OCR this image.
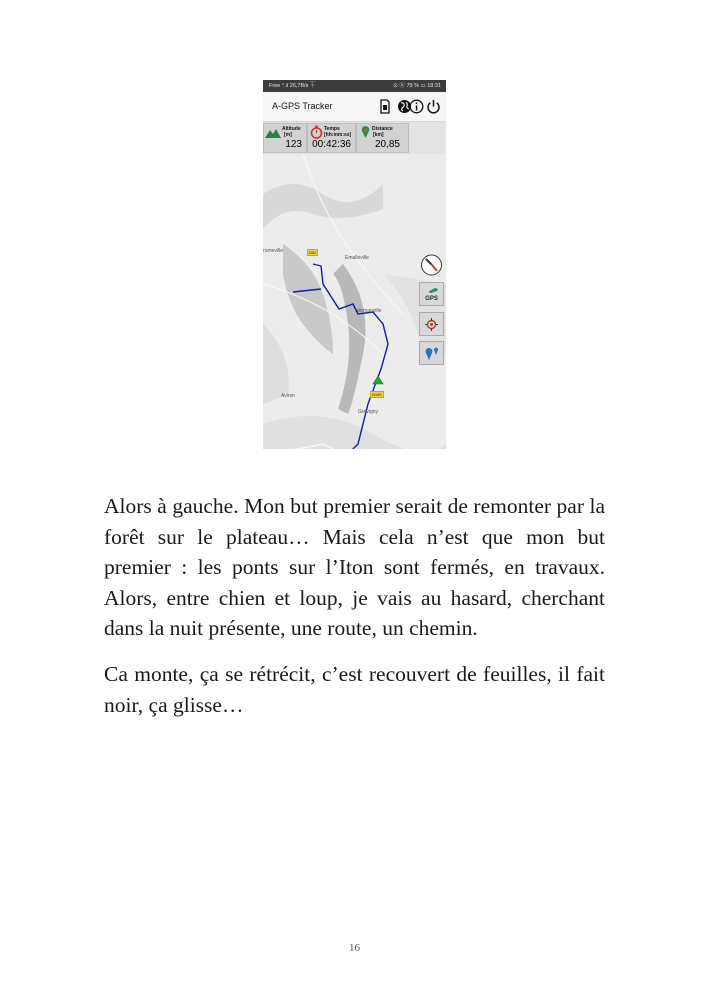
Free ᐤ.ıl 26,7B/s ⏇	⊙ ⓝ 79 % ▭ 18:31
A-GPS Tracker
Altitude
[m]
123
Temps
[hh:mm:ss]
00:42:36
Distance
[km]
20,85
rumeville
Emalleville
Normanville
Aviron
Gravigny
D52
D155
GPS

Alors à gauche. Mon but premier serait de remonter par la forêt sur le plateau… Mais cela n’est que mon but premier : les ponts sur l’Iton sont fermés, en travaux. Alors, entre chien et loup, je vais au hasard, cherchant dans la nuit présente, une route, un chemin.

Ca monte, ça se rétrécit, c’est recouvert de feuilles, il fait noir, ça glisse…

16
